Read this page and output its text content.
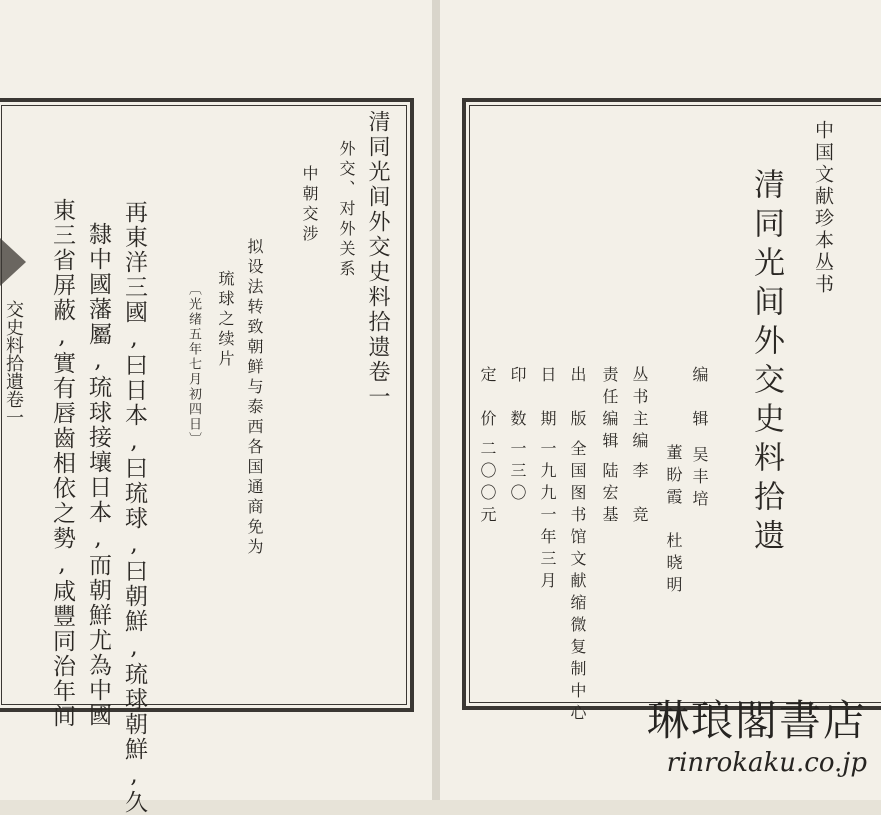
交史料拾遺卷一	清同光间外交史料拾遗卷一
外交、对外关系
中朝交涉
拟设法转致朝鲜与泰西各国通商免为
琉球之续片
〔光绪五年七月初四日〕
再東洋三國,曰日本,曰琉球,曰朝鮮,琉球朝鮮,久
隸中國藩屬,琉球接壤日本,而朝鮮尤為中國
東三省屏蔽,實有唇齒相依之勢,咸豐同治年间	中国文献珍本丛书
清同光间外交史料拾遗
编　辑吴丰培
董盼霞　杜晓明
丛书主编李　竞
责任编辑陆宏基
出　版全国图书馆文献缩微复制中心
日　期一九九一年三月
印　数一三〇
定　价二〇〇元
琳琅閣書店
rinrokaku.co.jp
